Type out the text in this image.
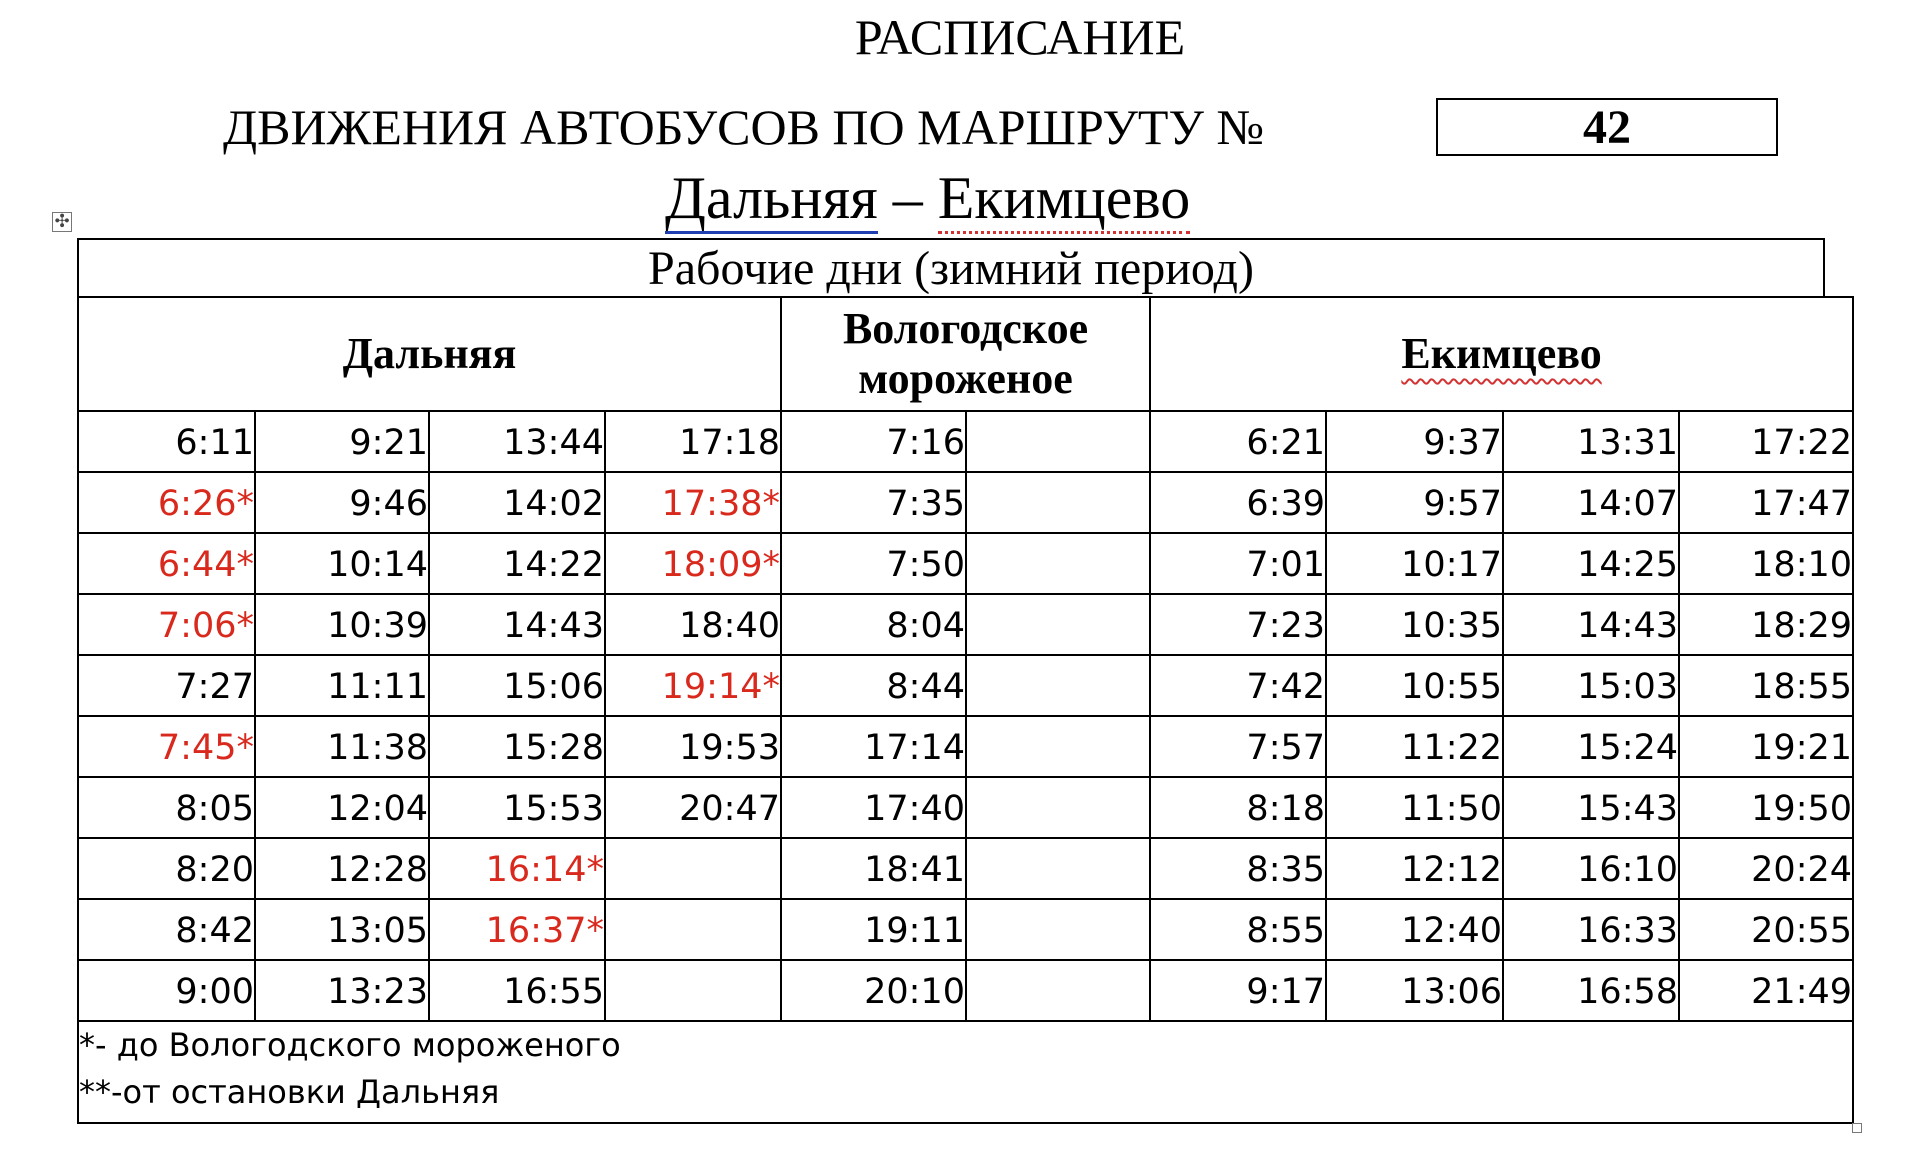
РАСПИСАНИЕ
ДВИЖЕНИЯ АВТОБУСОВ ПО МАРШРУТУ №	42
Дальняя – Екимцево
✣
Рабочие дни (зимний период)
Дальняя				Вологодское мороженое		Екимцево			
6:11	9:21	13:44	17:18	7:16		6:21	9:37	13:31	17:22
6:26*	9:46	14:02	17:38*	7:35		6:39	9:57	14:07	17:47
6:44*	10:14	14:22	18:09*	7:50		7:01	10:17	14:25	18:10
7:06*	10:39	14:43	18:40	8:04		7:23	10:35	14:43	18:29
7:27	11:11	15:06	19:14*	8:44		7:42	10:55	15:03	18:55
7:45*	11:38	15:28	19:53	17:14		7:57	11:22	15:24	19:21
8:05	12:04	15:53	20:47	17:40		8:18	11:50	15:43	19:50
8:20	12:28	16:14*		18:41		8:35	12:12	16:10	20:24
8:42	13:05	16:37*		19:11		8:55	12:40	16:33	20:55
9:00	13:23	16:55		20:10		9:17	13:06	16:58	21:49

*- до Вологодского мороженого
**-от остановки Дальняя									
